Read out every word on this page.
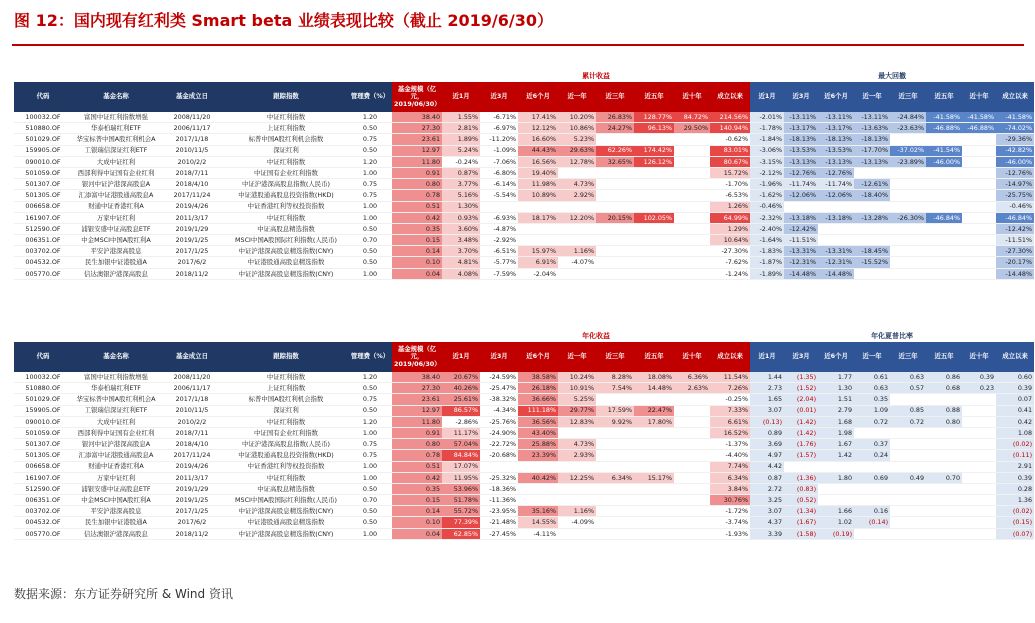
图 12：国内现有红利类 Smart beta 业绩表现比较（截止 2019/6/30）
						累计收益								最大回撤							
代码	基金名称	基金成立日	跟踪指数	管理费（%）	基金规模（亿元，2019/06/30）	近1月	近3月	近6个月	近一年	近三年	近五年	近十年	成立以来	近1月	近3月	近6个月	近一年	近三年	近五年	近十年	成立以来
100032.OF	富国中证红利指数增强	2008/11/20	中证红利指数	1.20	38.40	1.55%	-6.71%	17.41%	10.20%	26.83%	128.77%	84.72%	214.56%	-2.01%	-13.11%	-13.11%	-13.11%	-24.84%	-41.58%	-41.58%	-41.58%
510880.OF	华泰柏瑞红利ETF	2006/11/17	上证红利指数	0.50	27.30	2.81%	-6.97%	12.12%	10.86%	24.27%	96.13%	29.50%	140.94%	-1.78%	-13.17%	-13.17%	-13.63%	-23.63%	-46.88%	-46.88%	-74.02%
501029.OF	华宝标普中国A股红利机会A	2017/1/18	标普中国A股红利机会指数	0.75	23.61	1.89%	-11.20%	16.60%	5.23%				-0.62%	-1.84%	-18.13%	-18.13%	-18.13%				-29.36%
159905.OF	工银瑞信深证红利ETF	2010/11/5	深证红利	0.50	12.97	5.24%	-1.09%	44.43%	29.63%	62.26%	174.42%		83.01%	-3.06%	-13.53%	-13.53%	-17.70%	-37.02%	-41.54%		-42.82%
090010.OF	大成中证红利	2010/2/2	中证红利指数	1.20	11.80	-0.24%	-7.06%	16.56%	12.78%	32.65%	126.12%		80.67%	-3.15%	-13.13%	-13.13%	-13.13%	-23.89%	-46.00%		-46.00%
501059.OF	西部利得中证国有企业红利	2018/7/11	中证国有企业红利指数	1.00	0.91	0.87%	-6.80%	19.40%					15.72%	-2.12%	-12.76%	-12.76%					-12.76%
501307.OF	银河中证沪港深高股息A	2018/4/10	中证沪港深高股息指数(人民币)	0.75	0.80	3.77%	-6.14%	11.98%	4.73%				-1.70%	-1.96%	-11.74%	-11.74%	-12.61%				-14.97%
501305.OF	汇添富中证港股通高股息A	2017/11/24	中证港股通高股息投资指数(HKD)	0.75	0.78	5.16%	-5.54%	10.89%	2.92%				-6.53%	-1.62%	-12.06%	-12.06%	-18.40%				-25.75%
006658.OF	财通中证香港红利A	2019/4/26	中证香港红利等权投资指数	1.00	0.51	1.30%							1.26%	-0.46%							-0.46%
161907.OF	万家中证红利	2011/3/17	中证红利指数	1.00	0.42	0.93%	-6.93%	18.17%	12.20%	20.15%	102.05%		64.99%	-2.32%	-13.18%	-13.18%	-13.28%	-26.30%	-46.84%		-46.84%
512590.OF	浦银安盛中证高股息ETF	2019/1/29	中证高股息精选指数	0.50	0.35	3.60%	-4.87%						1.29%	-2.40%	-12.42%						-12.42%
006351.OF	中金MSCI中国A股红利A	2019/1/25	MSCI中国A股国际红利指数(人民币)	0.70	0.15	3.48%	-2.92%						10.64%	-1.64%	-11.51%						-11.51%
003702.OF	平安沪港深高股息	2017/1/25	中证沪港深高股息精选指数(CNY)	0.50	0.14	3.70%	-6.51%	15.97%	1.16%				-27.30%	-1.83%	-13.31%	-13.31%	-18.45%				-27.30%
004532.OF	民生加银中证港股通A	2017/6/2	中证港股通高股息精选指数	0.50	0.10	4.81%	-5.77%	6.91%	-4.07%				-7.62%	-1.87%	-12.31%	-12.31%	-15.52%				-20.17%
005770.OF	信达澳银沪港深高股息	2018/11/2	中证沪港深高股息精选指数(CNY)	1.00	0.04	4.08%	-7.59%	-2.04%					-1.24%	-1.89%	-14.48%	-14.48%					-14.48%
						年化收益								年化夏普比率							
代码	基金名称	基金成立日	跟踪指数	管理费（%）	基金规模（亿元，2019/06/30）	近1月	近3月	近6个月	近一年	近三年	近五年	近十年	成立以来	近1月	近3月	近6个月	近一年	近三年	近五年	近十年	成立以来
100032.OF	富国中证红利指数增强	2008/11/20	中证红利指数	1.20	38.40	20.67%	-24.59%	38.58%	10.24%	8.28%	18.08%	6.36%	11.54%	1.44	(1.35)	1.77	0.61	0.63	0.86	0.39	0.60
510880.OF	华泰柏瑞红利ETF	2006/11/17	上证红利指数	0.50	27.30	40.26%	-25.47%	26.18%	10.91%	7.54%	14.48%	2.63%	7.26%	2.73	(1.52)	1.30	0.63	0.57	0.68	0.23	0.39
501029.OF	华宝标普中国A股红利机会A	2017/1/18	标普中国A股红利机会指数	0.75	23.61	25.61%	-38.32%	36.66%	5.25%				-0.25%	1.65	(2.04)	1.51	0.35				0.07
159905.OF	工银瑞信深证红利ETF	2010/11/5	深证红利	0.50	12.97	86.57%	-4.34%	111.18%	29.77%	17.59%	22.47%		7.33%	3.07	(0.01)	2.79	1.09	0.85	0.88		0.41
090010.OF	大成中证红利	2010/2/2	中证红利指数	1.20	11.80	-2.86%	-25.76%	36.56%	12.83%	9.92%	17.80%		6.61%	(0.13)	(1.42)	1.68	0.72	0.72	0.80		0.42
501059.OF	西部利得中证国有企业红利	2018/7/11	中证国有企业红利指数	1.00	0.91	11.17%	-24.90%	43.40%					16.52%	0.89	(1.42)	1.98					1.08
501307.OF	银河中证沪港深高股息A	2018/4/10	中证沪港深高股息指数(人民币)	0.75	0.80	57.04%	-22.72%	25.88%	4.73%				-1.37%	3.69	(1.76)	1.67	0.37				(0.02)
501305.OF	汇添富中证港股通高股息A	2017/11/24	中证港股通高股息投资指数(HKD)	0.75	0.78	84.84%	-20.68%	23.39%	2.93%				-4.40%	4.97	(1.57)	1.42	0.24				(0.11)
006658.OF	财通中证香港红利A	2019/4/26	中证香港红利等权投资指数	1.00	0.51	17.07%							7.74%	4.42							2.91
161907.OF	万家中证红利	2011/3/17	中证红利指数	1.00	0.42	11.95%	-25.32%	40.42%	12.25%	6.34%	15.17%		6.34%	0.87	(1.36)	1.80	0.69	0.49	0.70		0.39
512590.OF	浦银安盛中证高股息ETF	2019/1/29	中证高股息精选指数	0.50	0.35	53.96%	-18.36%						3.84%	2.72	(0.83)						0.28
006351.OF	中金MSCI中国A股红利A	2019/1/25	MSCI中国A股国际红利指数(人民币)	0.70	0.15	51.78%	-11.36%						30.76%	3.25	(0.52)						1.36
003702.OF	平安沪港深高股息	2017/1/25	中证沪港深高股息精选指数(CNY)	0.50	0.14	55.72%	-23.95%	35.16%	1.16%				-1.72%	3.07	(1.34)	1.66	0.16				(0.02)
004532.OF	民生加银中证港股通A	2017/6/2	中证港股通高股息精选指数	0.50	0.10	77.39%	-21.48%	14.55%	-4.09%				-3.74%	4.37	(1.67)	1.02	(0.14)				(0.15)
005770.OF	信达澳银沪港深高股息	2018/11/2	中证沪港深高股息精选指数(CNY)	1.00	0.04	62.85%	-27.45%	-4.11%					-1.93%	3.39	(1.58)	(0.19)					(0.07)
数据来源：东方证券研究所 & Wind 资讯
